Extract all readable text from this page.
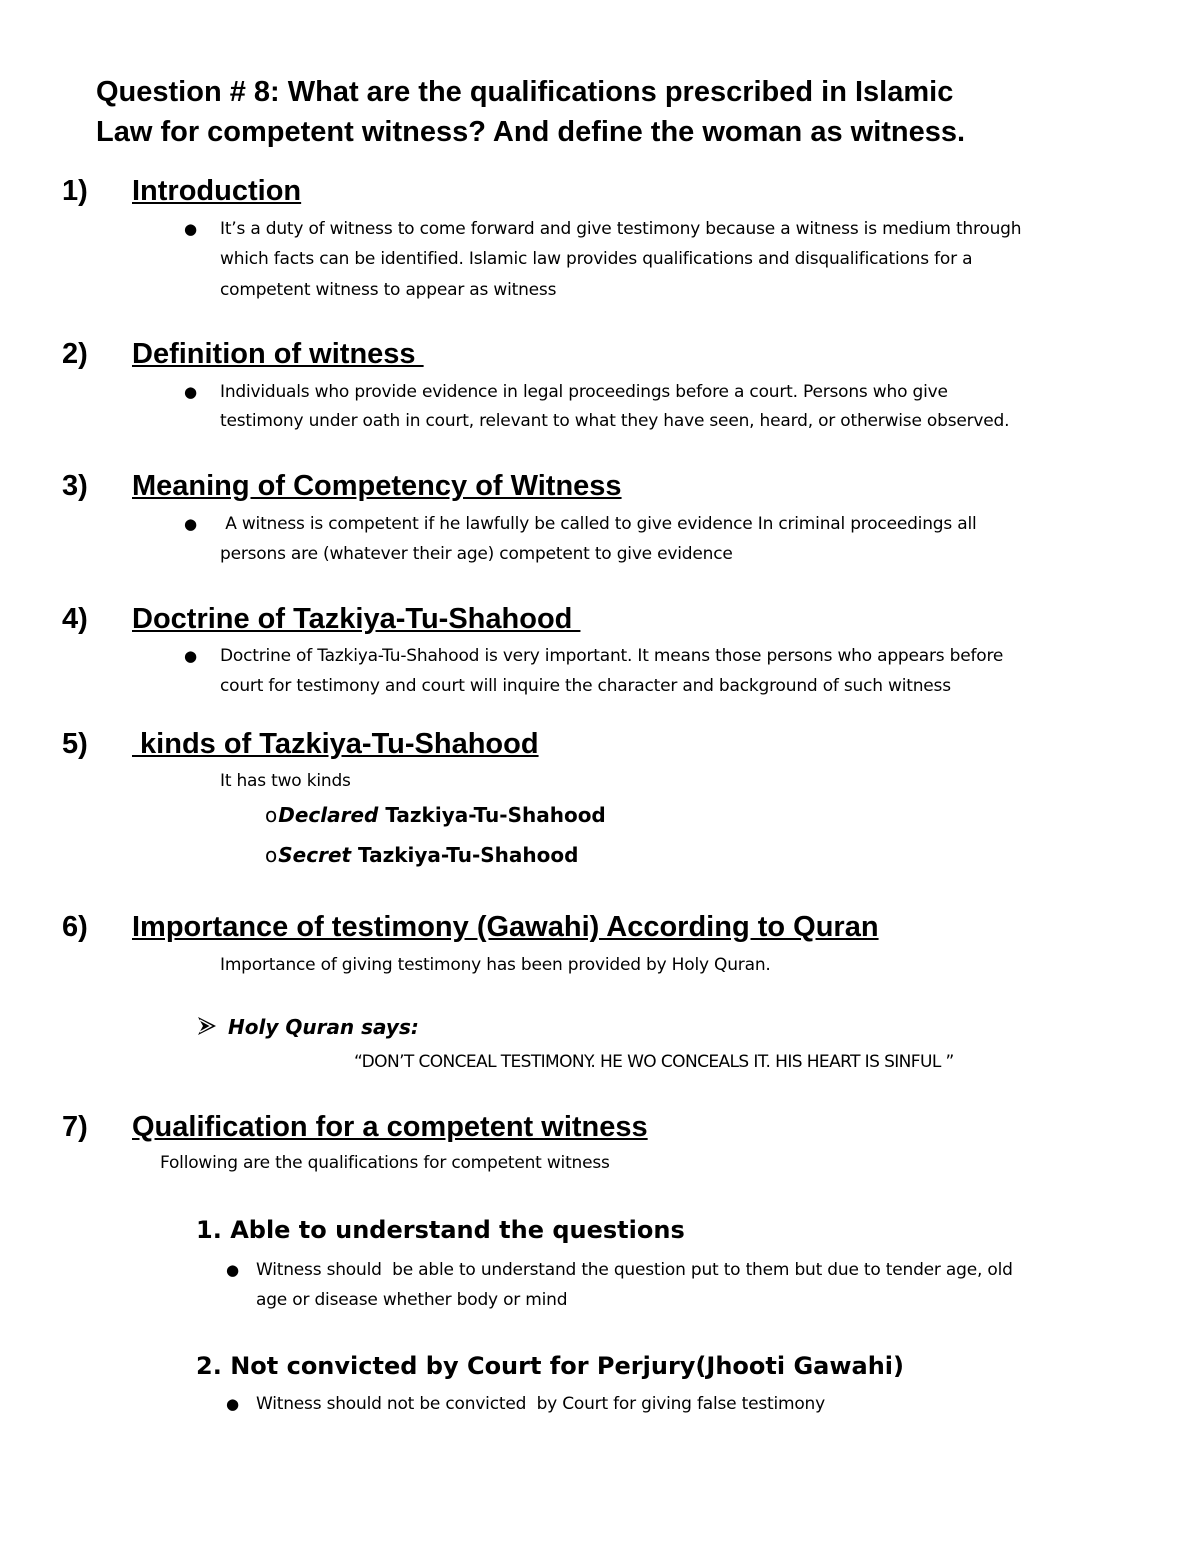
Question # 8: What are the qualifications prescribed in Islamic
Law for competent witness? And define the woman as witness.
1) Introduction
●
It’s a duty of witness to come forward and give testimony because a witness is medium through
which facts can be identified. Islamic law provides qualifications and disqualifications for a
competent witness to appear as witness
2) Definition of witness
●
Individuals who provide evidence in legal proceedings before a court. Persons who give
testimony under oath in court, relevant to what they have seen, heard, or otherwise observed.
3) Meaning of Competency of Witness
●
A witness is competent if he lawfully be called to give evidence In criminal proceedings all
persons are (whatever their age) competent to give evidence
4) Doctrine of Tazkiya-Tu-Shahood
●
Doctrine of Tazkiya-Tu-Shahood is very important. It means those persons who appears before
court for testimony and court will inquire the character and background of such witness
5) kinds of Tazkiya-Tu-Shahood
It has two kinds
oDeclared Tazkiya-Tu-Shahood
oSecret Tazkiya-Tu-Shahood
6) Importance of testimony (Gawahi) According to Quran
Importance of giving testimony has been provided by Holy Quran.
Holy Quran says:
“DON’T CONCEAL TESTIMONY. HE WO CONCEALS IT. HIS HEART IS SINFUL ”
7) Qualification for a competent witness
Following are the qualifications for competent witness
1. Able to understand the questions
●
Witness should  be able to understand the question put to them but due to tender age, old
age or disease whether body or mind
2. Not convicted by Court for Perjury(Jhooti Gawahi)
●
Witness should not be convicted  by Court for giving false testimony
